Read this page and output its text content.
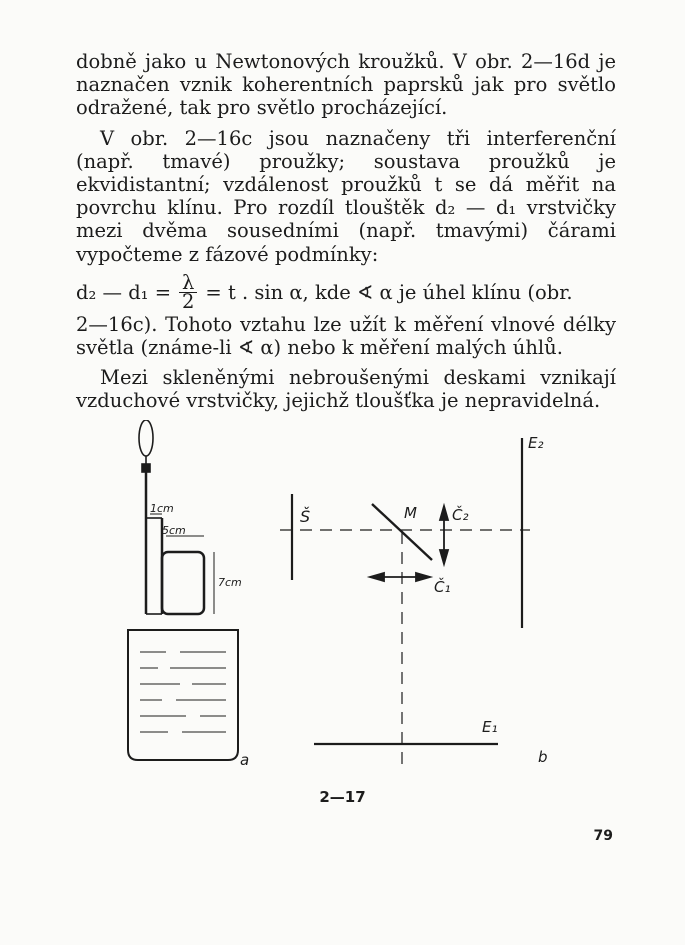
dobně jako u Newtonových kroužků. V obr. 2—16d je naznačen vznik koherentních paprsků jak pro světlo odražené, tak pro světlo procházející.

V obr. 2—16c jsou naznačeny tři interferenční (např. tmavé) proužky; soustava proužků je ekvidistantní; vzdálenost proužků t se dá měřit na povrchu klínu. Pro rozdíl tlouštěk d₂ — d₁ vrstvičky mezi dvěma sousedními (např. tmavými) čárami vypočteme z fázové podmínky:

d₂ — $d_1 = \frac{\lambda}{2} = t$ . sin α, kde ∢ α je úhel klínu (obr.

2—16c). Tohoto vztahu lze užít k měření vlnové délky světla (známe-li ∢ α) nebo k měření malých úhlů.

Mezi skleněnými nebroušenými deskami vznikají vzduchové vrstvičky, jejichž tloušťka je nepravidelná.

1cm
5cm
7cm
a
Š	M Č₂
Č₁
E₂
E₁
b
2—17
79
